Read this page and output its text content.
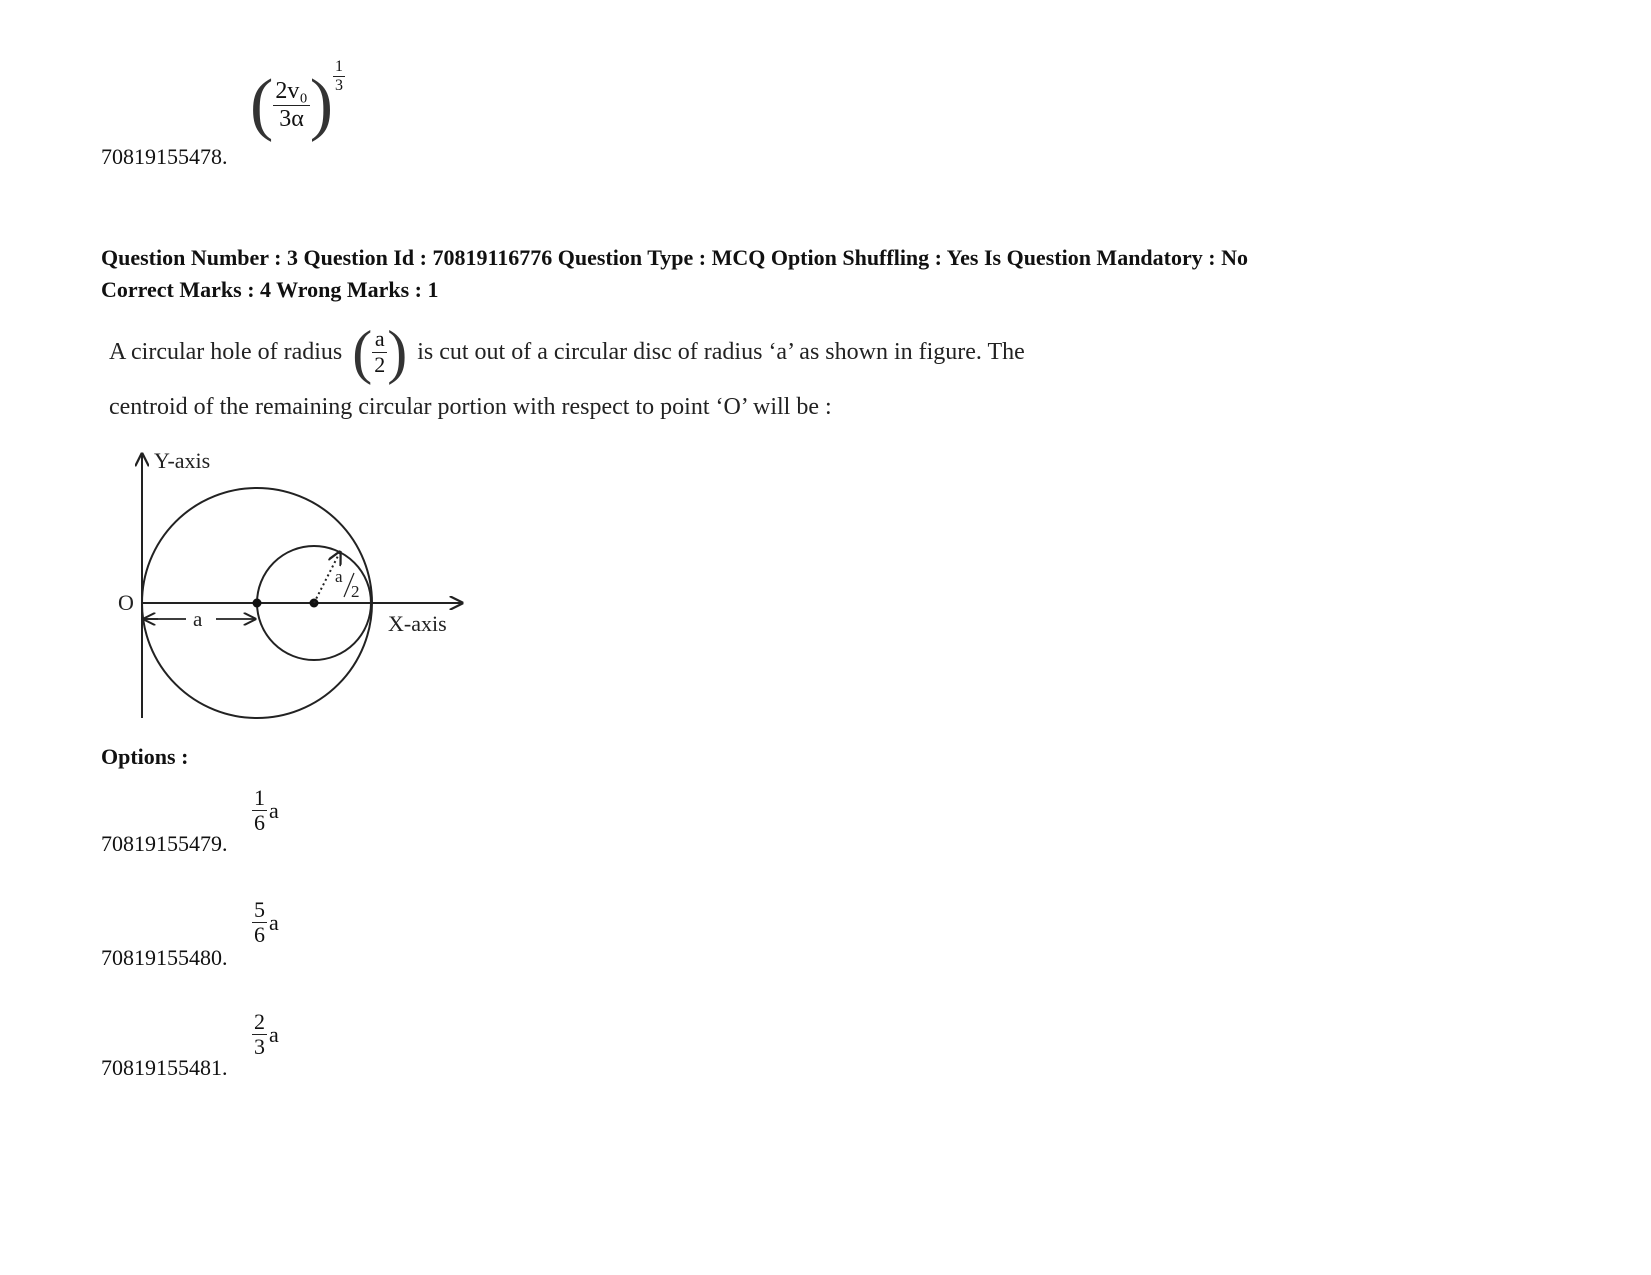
70819155478.
( 2v₀
3α ) 1
3
Question Number : 3 Question Id : 70819116776 Question Type : MCQ Option Shuffling : Yes Is Question Mandatory : No
Correct Marks : 4 Wrong Marks : 1
A circular hole of radius ( a
2 ) is cut out of a circular disc of radius ‘a’ as shown in figure. The
centroid of the remaining circular portion with respect to point ‘O’ will be :
Y-axis
X-axis
O
a
a
2
Options :
70819155479.
1
6 a
70819155480.
5
6 a
70819155481.
2
3 a
